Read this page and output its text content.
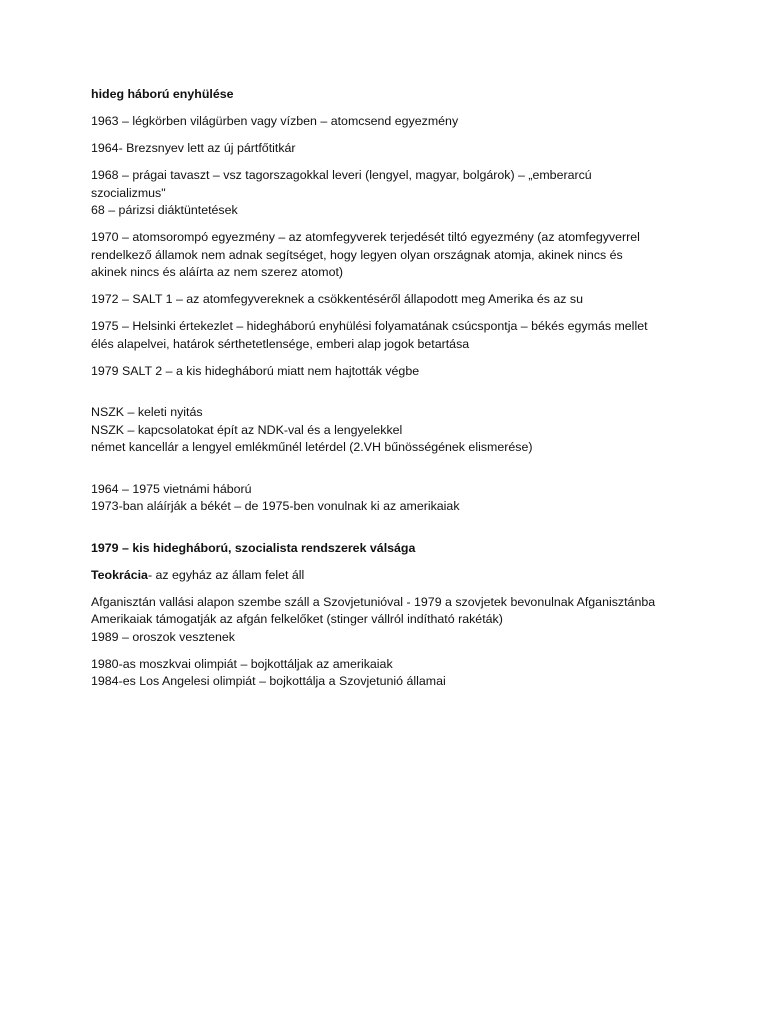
hideg háború enyhülése

1963 – légkörben világürben vagy vízben – atomcsend egyezmény

1964- Brezsnyev lett az új pártfőtitkár

1968 – prágai tavaszt – vsz tagorszagokkal leveri (lengyel, magyar, bolgárok) – „emberarcú
szocializmus"
68 – párizsi diáktüntetések

1970 – atomsorompó egyezmény – az atomfegyverek terjedését tiltó egyezmény (az atomfegyverrel
rendelkező államok nem adnak segítséget, hogy legyen olyan országnak atomja, akinek nincs és
akinek nincs és aláírta az nem szerez atomot)

1972 – SALT 1 – az atomfegyvereknek a csökkentéséről állapodott meg Amerika és az su

1975 – Helsinki értekezlet – hidegháború enyhülési folyamatának csúcspontja – békés egymás mellet
élés alapelvei, határok sérthetetlensége, emberi alap jogok betartása

1979 SALT 2 – a kis hidegháború miatt nem hajtották végbe

NSZK – keleti nyitás
NSZK – kapcsolatokat épít az NDK-val és a lengyelekkel
német kancellár a lengyel emlékműnél letérdel (2.VH bűnösségének elismerése)

1964 – 1975 vietnámi háború
1973-ban aláírják a békét – de 1975-ben vonulnak ki az amerikaiak

1979 – kis hidegháború, szocialista rendszerek válsága

Teokrácia- az egyház az állam felet áll

Afganisztán vallási alapon szembe száll a Szovjetunióval - 1979 a szovjetek bevonulnak Afganisztánba
Amerikaiak támogatják az afgán felkelőket (stinger vállról indítható rakéták)
1989 – oroszok vesztenek

1980-as moszkvai olimpiát – bojkottáljak az amerikaiak
1984-es Los Angelesi olimpiát – bojkottálja a Szovjetunió államai
